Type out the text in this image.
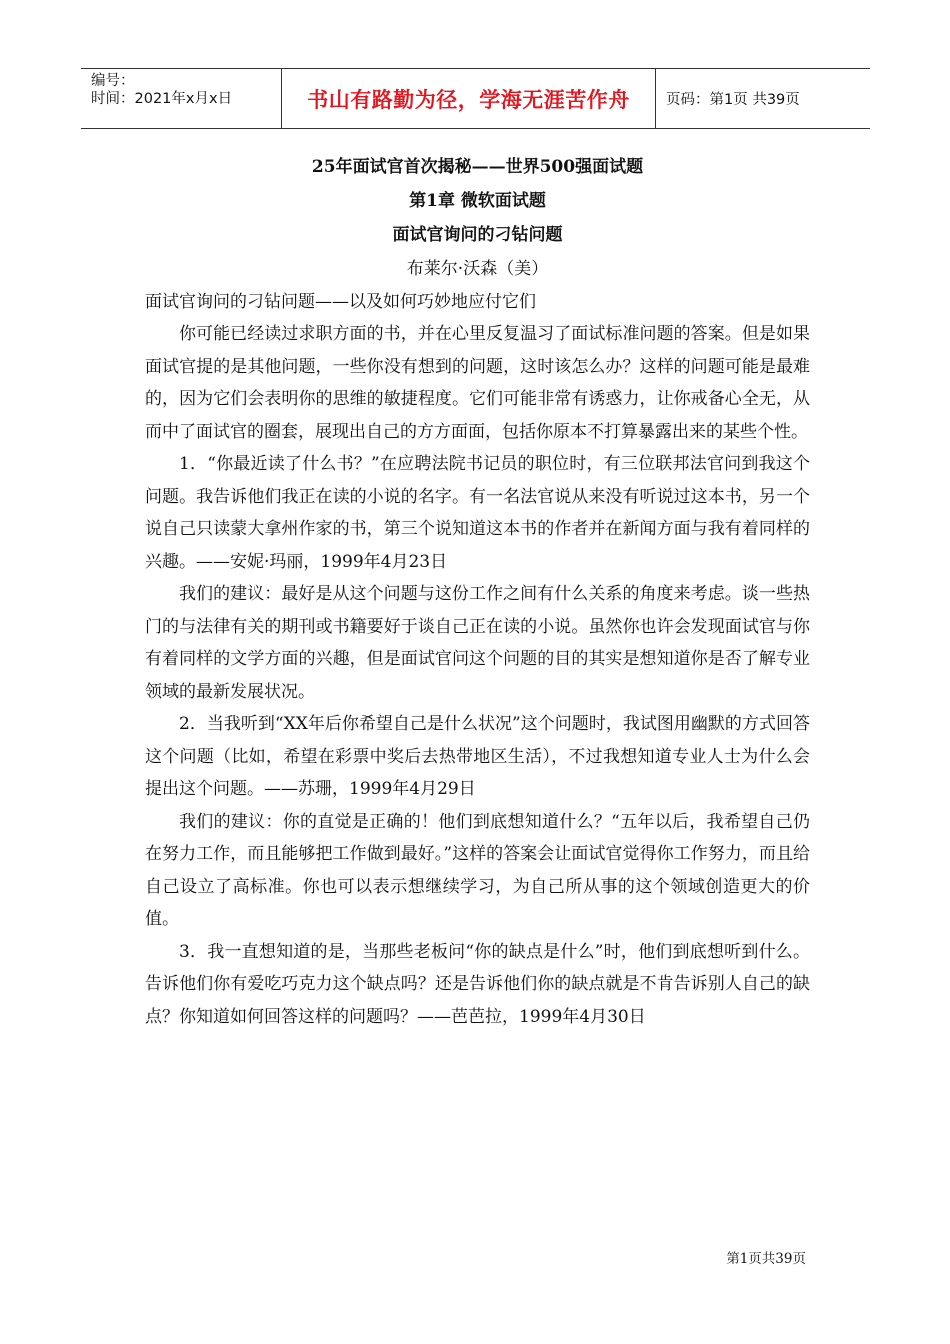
编号：
时间：2021年x月x日	书山有路勤为径，学海无涯苦作舟	页码：第1页 共39页

25年面试官首次揭秘——世界500强面试题

第1章 微软面试题

面试官询问的刁钻问题

布莱尔·沃森（美）

面试官询问的刁钻问题——以及如何巧妙地应付它们

你可能已经读过求职方面的书，并在心里反复温习了面试标准问题的答案。但是如果面试官提的是其他问题，一些你没有想到的问题，这时该怎么办？这样的问题可能是最难的，因为它们会表明你的思维的敏捷程度。它们可能非常有诱惑力，让你戒备心全无，从而中了面试官的圈套，展现出自己的方方面面，包括你原本不打算暴露出来的某些个性。

1．“你最近读了什么书？”在应聘法院书记员的职位时，有三位联邦法官问到我这个问题。我告诉他们我正在读的小说的名字。有一名法官说从来没有听说过这本书，另一个说自己只读蒙大拿州作家的书，第三个说知道这本书的作者并在新闻方面与我有着同样的兴趣。——安妮·玛丽，1999年4月23日

我们的建议：最好是从这个问题与这份工作之间有什么关系的角度来考虑。谈一些热门的与法律有关的期刊或书籍要好于谈自己正在读的小说。虽然你也许会发现面试官与你有着同样的文学方面的兴趣，但是面试官问这个问题的目的其实是想知道你是否了解专业领域的最新发展状况。

2．当我听到“XX年后你希望自己是什么状况”这个问题时，我试图用幽默的方式回答这个问题（比如，希望在彩票中奖后去热带地区生活），不过我想知道专业人士为什么会提出这个问题。——苏珊，1999年4月29日

我们的建议：你的直觉是正确的！他们到底想知道什么？“五年以后，我希望自己仍在努力工作，而且能够把工作做到最好。”这样的答案会让面试官觉得你工作努力，而且给自己设立了高标准。你也可以表示想继续学习，为自己所从事的这个领域创造更大的价值。

3．我一直想知道的是，当那些老板问“你的缺点是什么”时，他们到底想听到什么。告诉他们你有爱吃巧克力这个缺点吗？还是告诉他们你的缺点就是不肯告诉别人自己的缺点？你知道如何回答这样的问题吗？——芭芭拉，1999年4月30日

第1页共39页
